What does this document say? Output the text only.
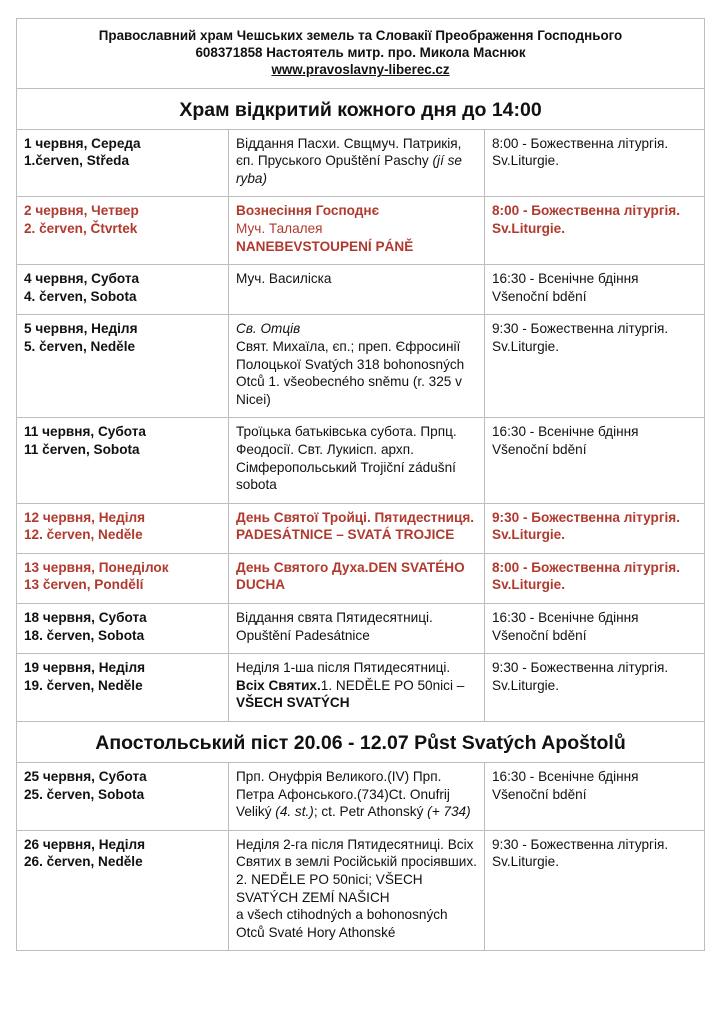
Православний храм Чешських земель та Словакії Преображення Господнього
608371858 Настоятель митр. прo. Микола Маснюк
www.pravoslavny-liberec.cz		

Храм відкритий кожного дня до 14:00		

1 червня, Середа
1.červen, Středa	Віддання Пасхи. Свщмуч. Патрикія, єп. Пруського Opuštění Paschy (jí se ryba)	8:00 - Божественна літургія. Sv.Liturgie.

2 червня, Четвер
2. červen, Čtvrtek	Вознесіння Господнє
Муч. Талалея
NANEBEVSTOUPENÍ PÁNĚ	8:00 - Божественна літургія. Sv.Liturgie.

4 червня, Субота
4. červen, Sobota	Муч. Василіска	16:30 - Всенічне бдіння Všenoční bdění

5 червня, Неділя
5. červen, Neděle	Св. Отців
Свят. Михаїла, єп.; преп. Єфросинії Полоцької Svatých 318 bohonosných Otců 1. všeobecného sněmu (r. 325 v Nicei)	9:30 - Божественна літургія. Sv.Liturgie.

11 червня, Субота
11 červen, Sobota	Троїцька батьківська субота. Прпц. Феодосії. Свт. Лукиісп. архп. Сімферопольський Trojiční zádušní sobota	16:30 - Всенічне бдіння Všenoční bdění

12 червня, Неділя
12. červen, Neděle	День Святої Тройці. Пятидестниця. PADESÁTNICE – SVATÁ TROJICE	9:30 - Божественна літургія. Sv.Liturgie.

13 червня, Понеділок
13 červen, Pondělí	День Святого Духа.DEN SVATÉHO DUCHA	8:00 - Божественна літургія. Sv.Liturgie.

18 червня, Субота
18. červen, Sobota	Віддання свята Пятидесятниці. Opuštění Padesátnice	16:30 - Всенічне бдіння Všenoční bdění

19 червня, Неділя
19. červen, Neděle	Неділя 1-ша після Пятидесятниці. Всіх Святих.1. NEDĚLE PO 50nici – VŠECH SVATÝCH	9:30 - Божественна літургія. Sv.Liturgie.
Апостольський піст 20.06 - 12.07 Půst Svatých Apoštolů		

25 червня, Субота
25. červen, Sobota	Прп. Онуфрія Великого.(IV) Прп. Петра Афонського.(734)Ct. Onufrij Veliký (4. st.); ct. Petr Athonský (+ 734)	16:30 - Всенічне бдіння Všenoční bdění

26 червня, Неділя
26. červen, Neděle	Неділя 2-га після Пятидесятниці. Всіх Святих в землі Російській просіявших. 2. NEDĚLE PO 50nici; VŠECH SVATÝCH ZEMÍ NAŠICH
a všech ctihodných a bohonosných Otců Svaté Hory Athonské	9:30 - Божественна літургія. Sv.Liturgie.
